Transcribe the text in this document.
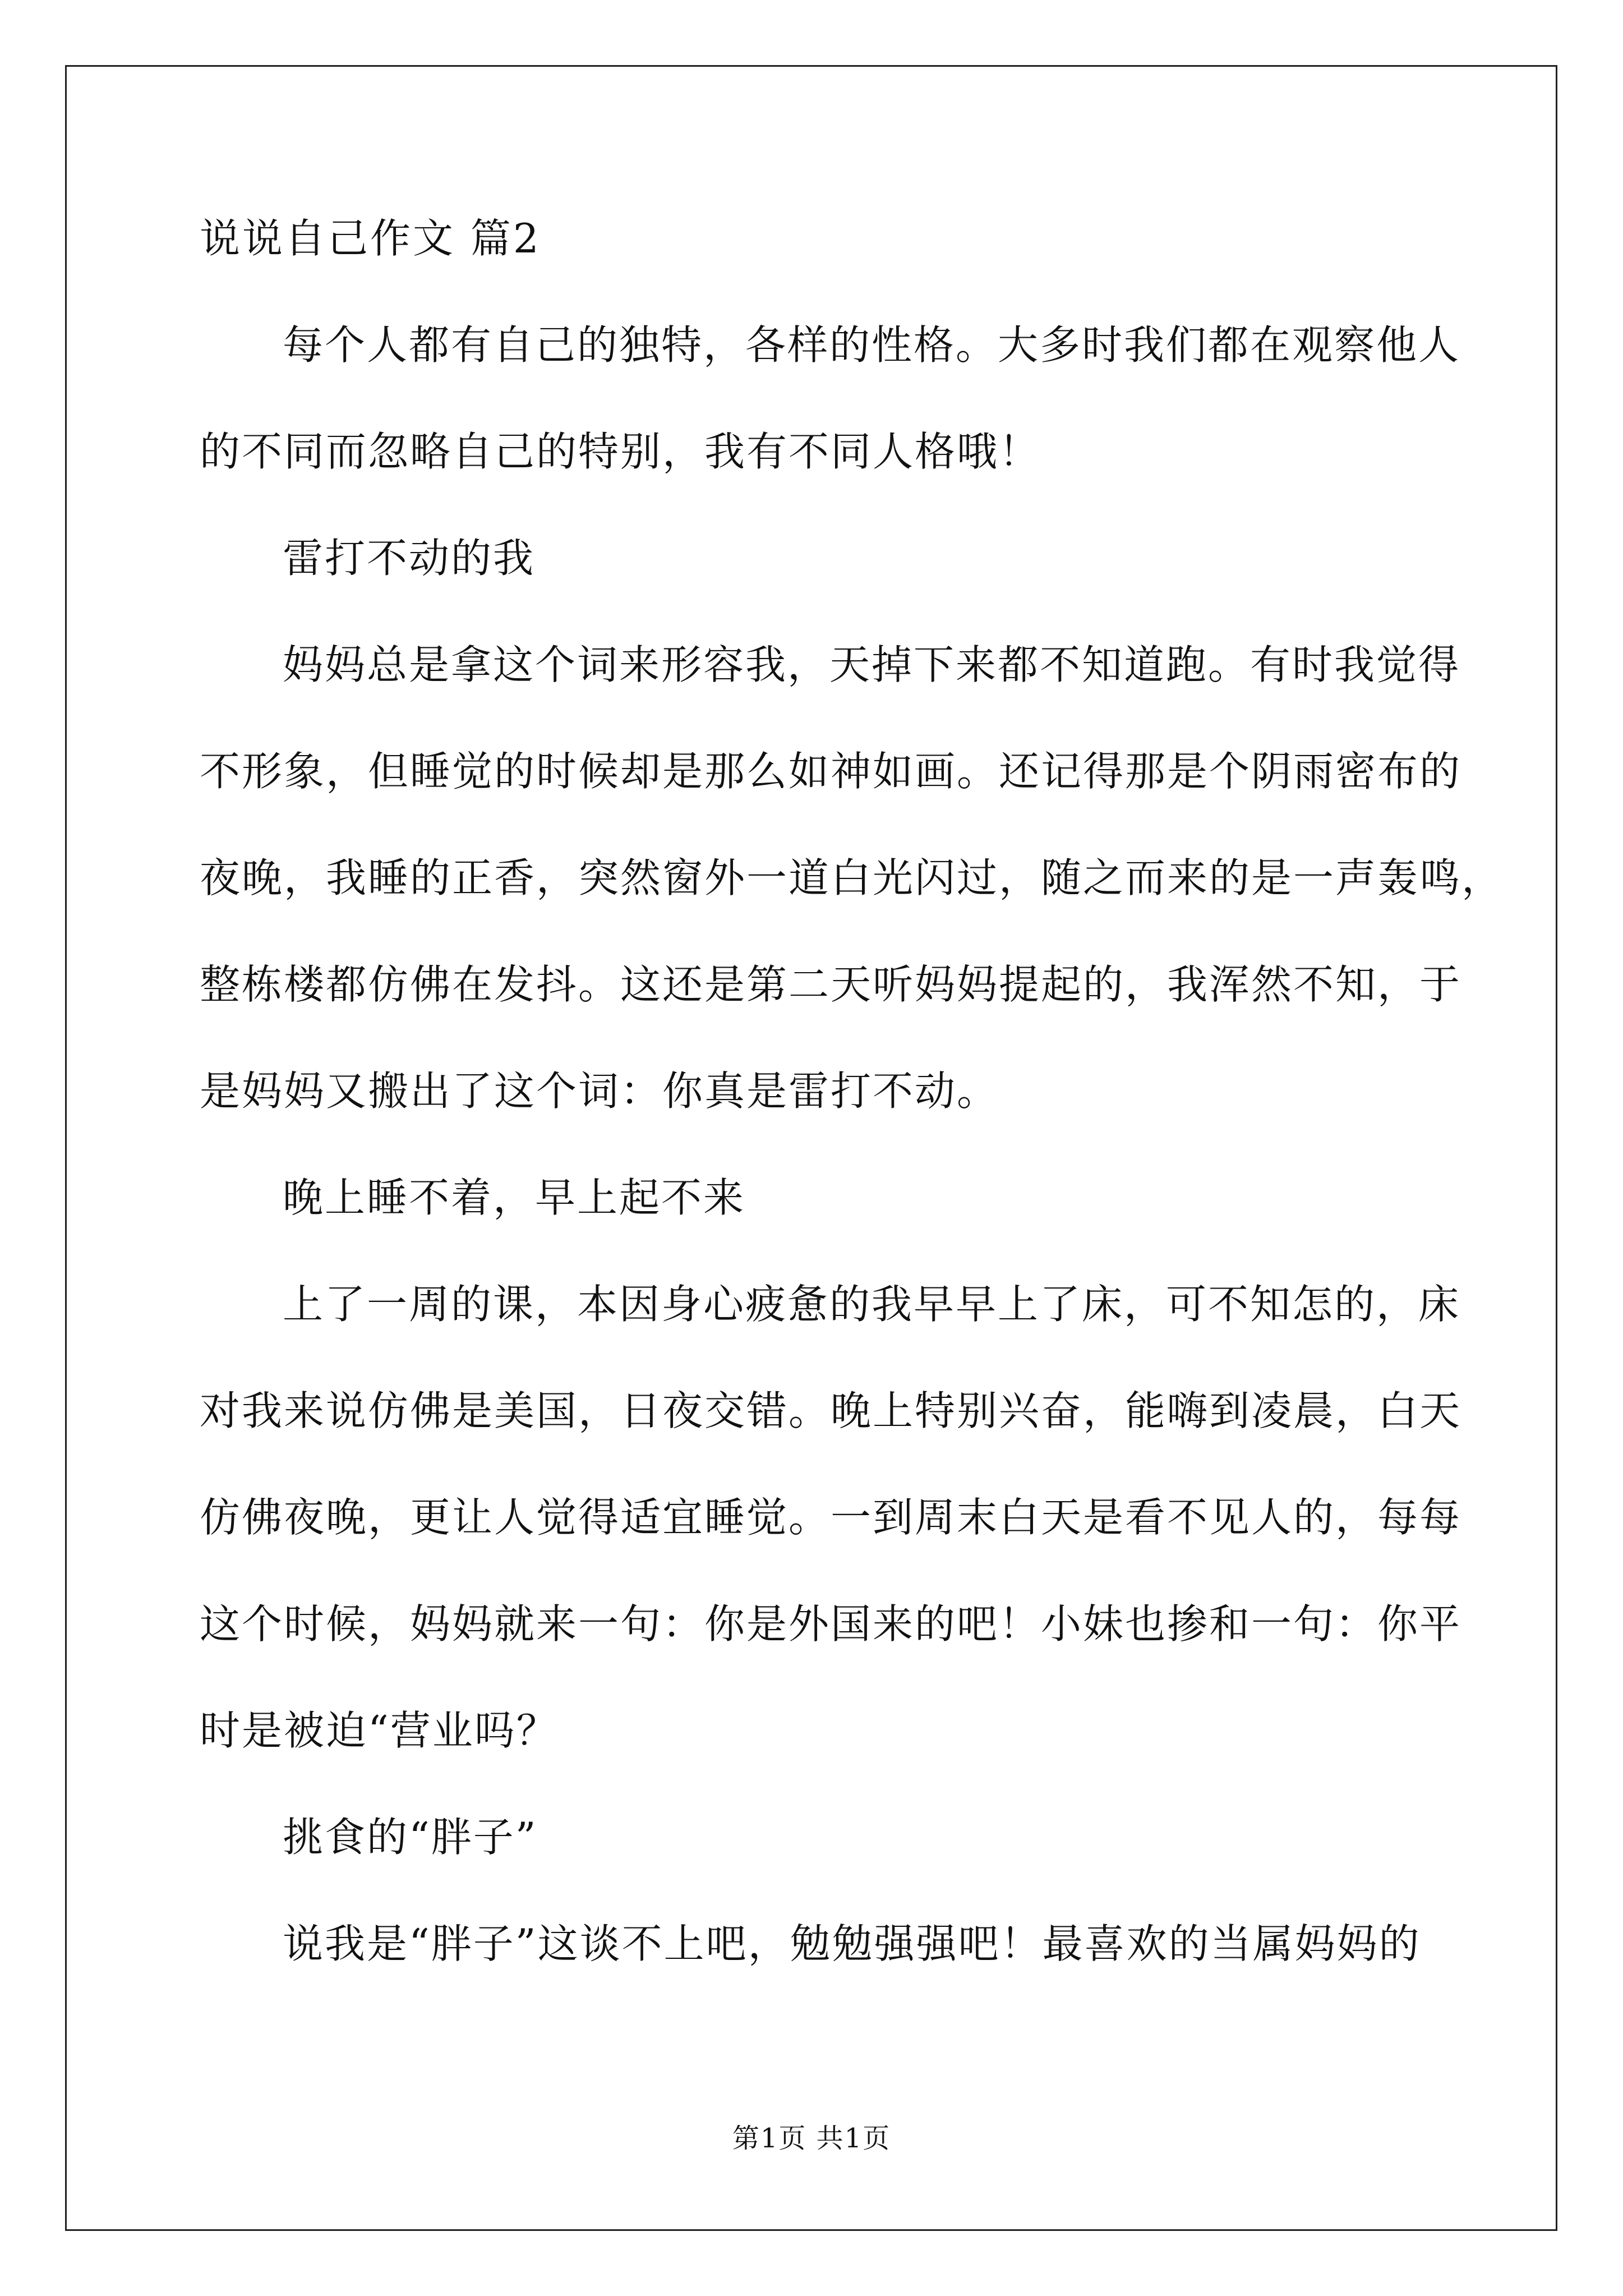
说说自己作文 篇2
每个人都有自己的独特，各样的性格。大多时我们都在观察他人
的不同而忽略自己的特别，我有不同人格哦！
雷打不动的我
妈妈总是拿这个词来形容我，天掉下来都不知道跑。有时我觉得
不形象，但睡觉的时候却是那么如神如画。还记得那是个阴雨密布的
夜晚，我睡的正香，突然窗外一道白光闪过，随之而来的是一声轰鸣，
整栋楼都仿佛在发抖。这还是第二天听妈妈提起的，我浑然不知，于
是妈妈又搬出了这个词：你真是雷打不动。
晚上睡不着，早上起不来
上了一周的课，本因身心疲惫的我早早上了床，可不知怎的，床
对我来说仿佛是美国，日夜交错。晚上特别兴奋，能嗨到凌晨，白天
仿佛夜晚，更让人觉得适宜睡觉。一到周末白天是看不见人的，每每
这个时候，妈妈就来一句：你是外国来的吧！小妹也掺和一句：你平
时是被迫“营业吗？
挑食的“胖子”
说我是“胖子”这谈不上吧，勉勉强强吧！最喜欢的当属妈妈的
第1页 共1页
